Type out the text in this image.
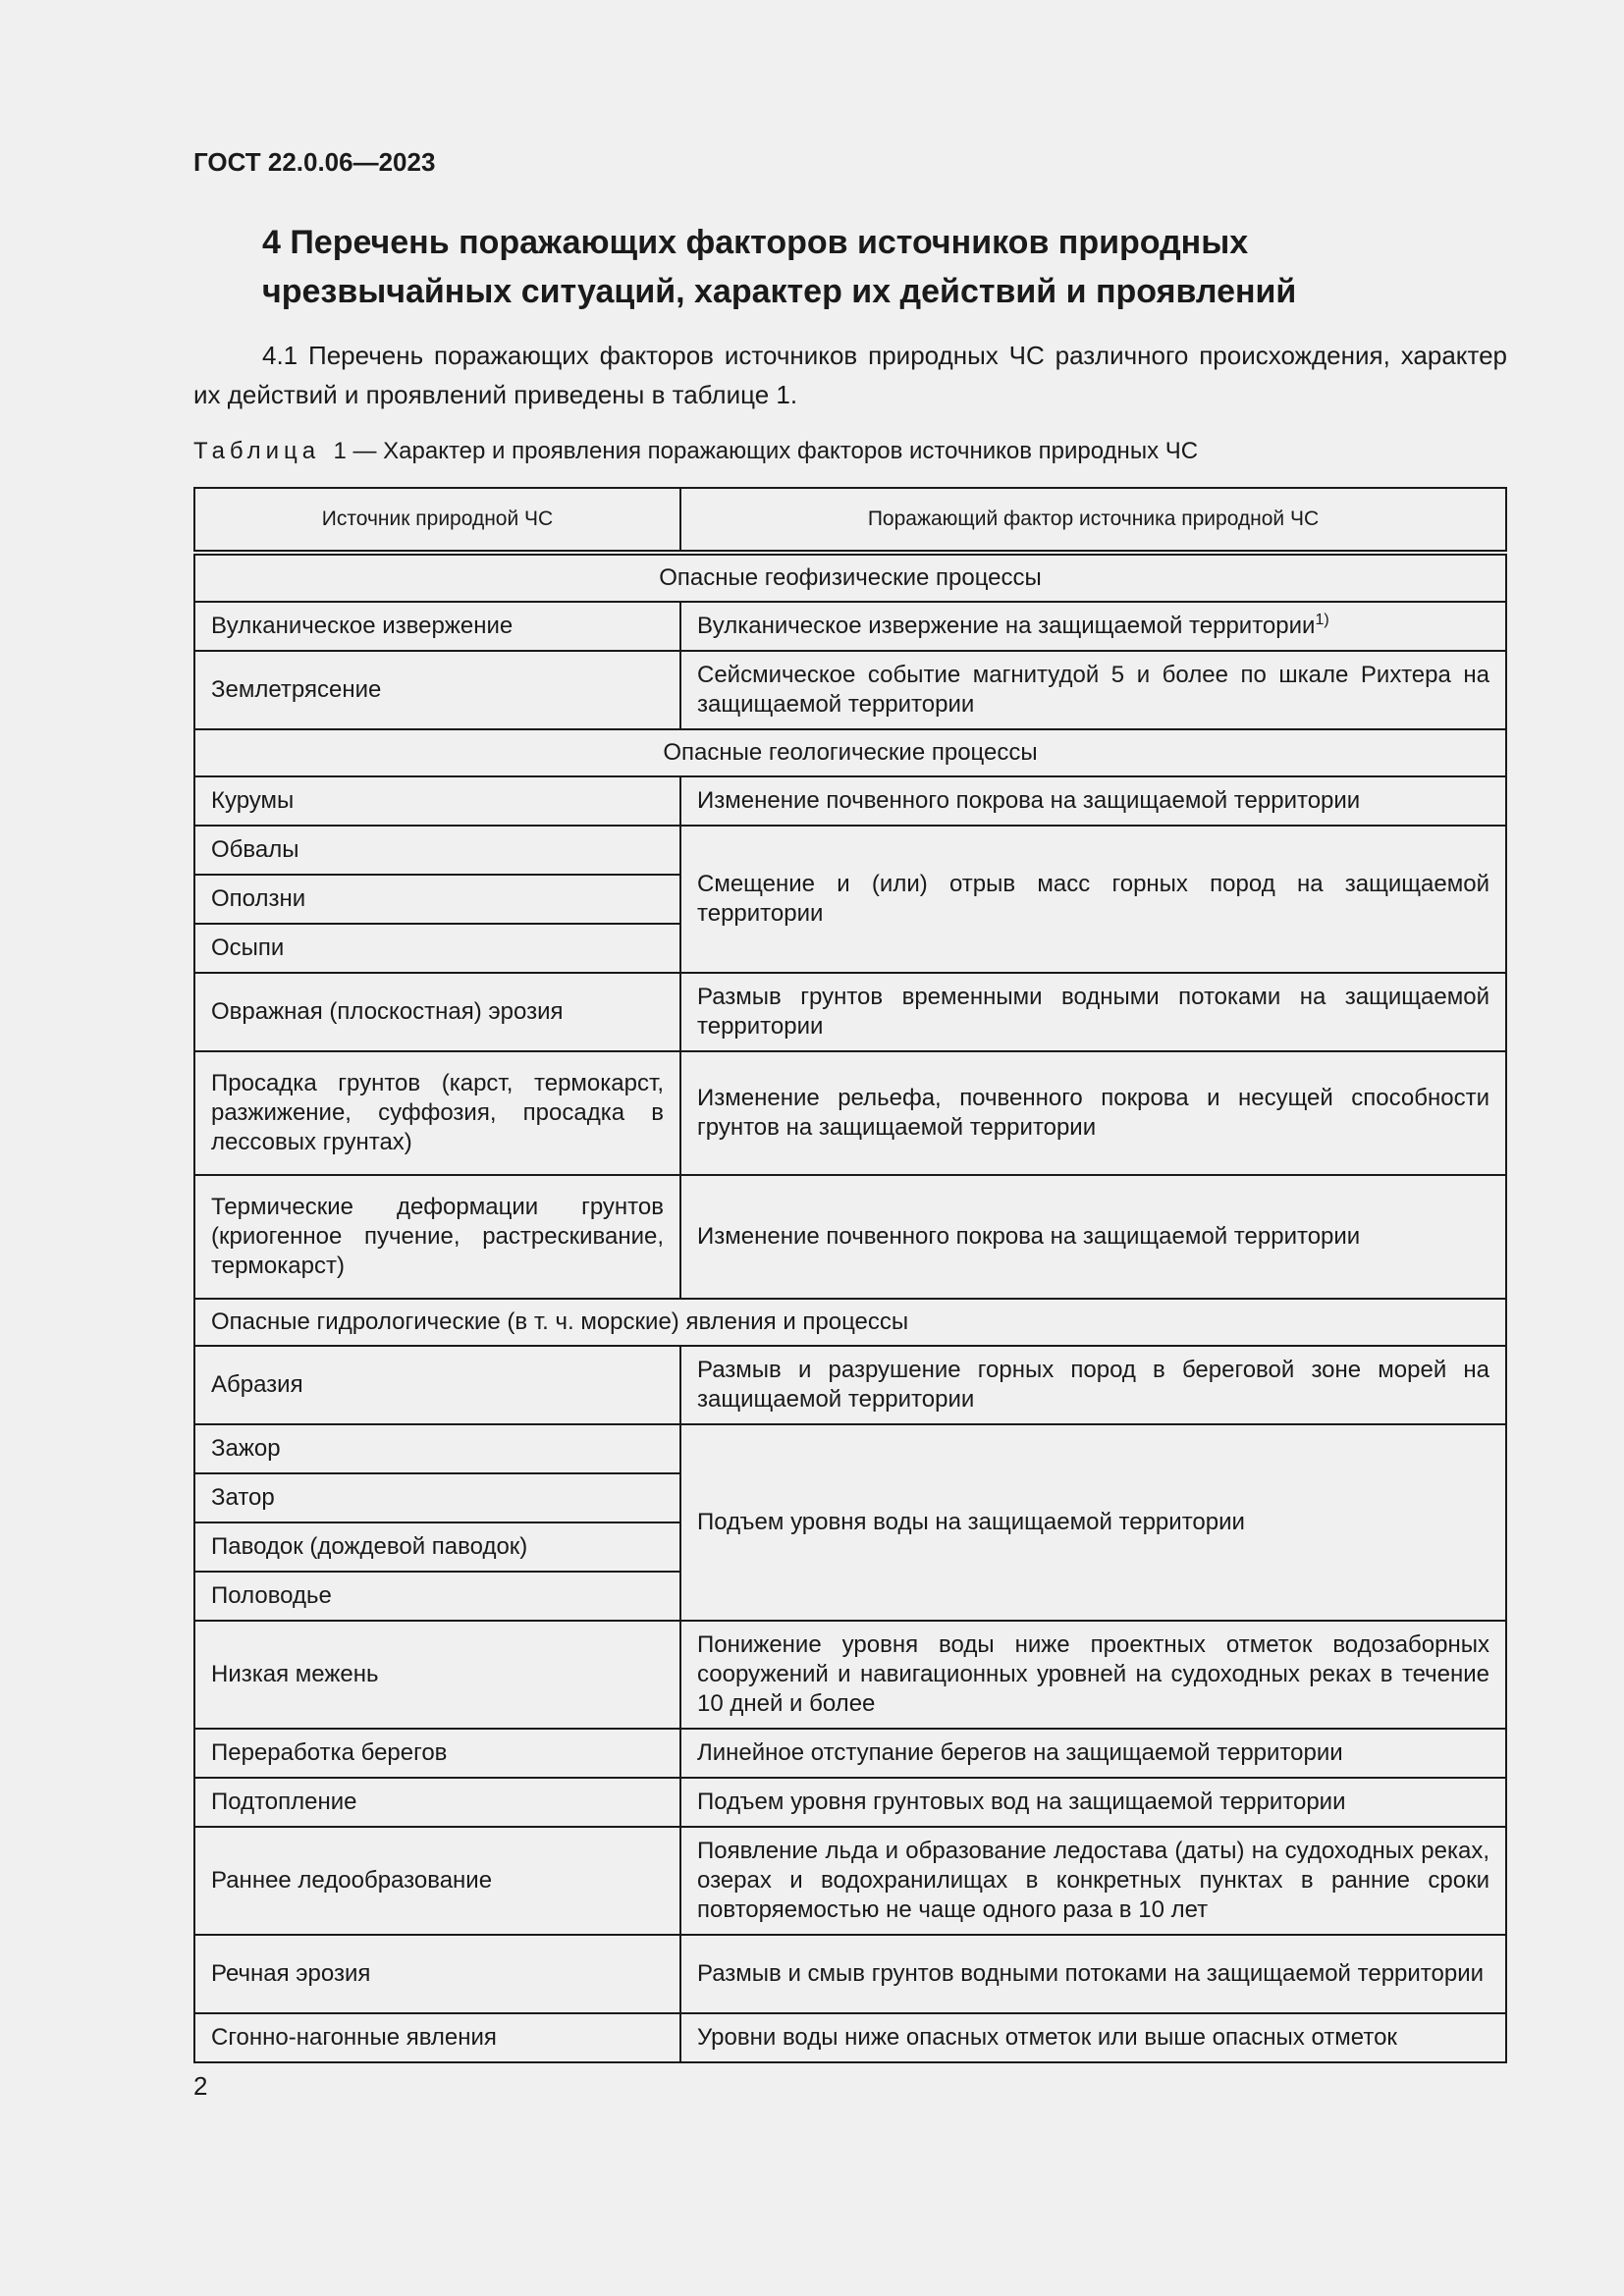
ГОСТ 22.0.06—2023
4 Перечень поражающих факторов источников природных чрезвычайных ситуаций, характер их действий и проявлений
4.1 Перечень поражающих факторов источников природных ЧС различного происхождения, характер их действий и проявлений приведены в таблице 1.
Таблица 1 — Характер и проявления поражающих факторов источников природных ЧС
Источник природной ЧС	Поражающий фактор источника природной ЧС
Опасные геофизические процессы	
Вулканическое извержение	Вулканическое извержение на защищаемой территории$^{1)}$
Землетрясение	Сейсмическое событие магнитудой 5 и более по шкале Рихтера на защищаемой территории
Опасные геологические процессы	
Курумы	Изменение почвенного покрова на защищаемой территории
Обвалы	Смещение и (или) отрыв масс горных пород на защищаемой территории
Оползни	
Осыпи	
Овражная (плоскостная) эрозия	Размыв грунтов временными водными потоками на защищаемой территории
Просадка грунтов (карст, термокарст, разжижение, суффозия, просадка в лессовых грунтах)	Изменение рельефа, почвенного покрова и несущей способности грунтов на защищаемой территории
Термические деформации грунтов (криогенное пучение, растрескивание, термокарст)	Изменение почвенного покрова на защищаемой территории
Опасные гидрологические (в т. ч. морские) явления и процессы	
Абразия	Размыв и разрушение горных пород в береговой зоне морей на защищаемой территории
Зажор	Подъем уровня воды на защищаемой территории
Затор	
Паводок (дождевой паводок)	
Половодье	
Низкая межень	Понижение уровня воды ниже проектных отметок водозаборных сооружений и навигационных уровней на судоходных реках в течение 10 дней и более
Переработка берегов	Линейное отступание берегов на защищаемой территории
Подтопление	Подъем уровня грунтовых вод на защищаемой территории
Раннее ледообразование	Появление льда и образование ледостава (даты) на судоходных реках, озерах и водохранилищах в конкретных пунктах в ранние сроки повторяемостью не чаще одного раза в 10 лет
Речная эрозия	Размыв и смыв грунтов водными потоками на защищаемой территории
Сгонно-нагонные явления	Уровни воды ниже опасных отметок или выше опасных отметок
2
